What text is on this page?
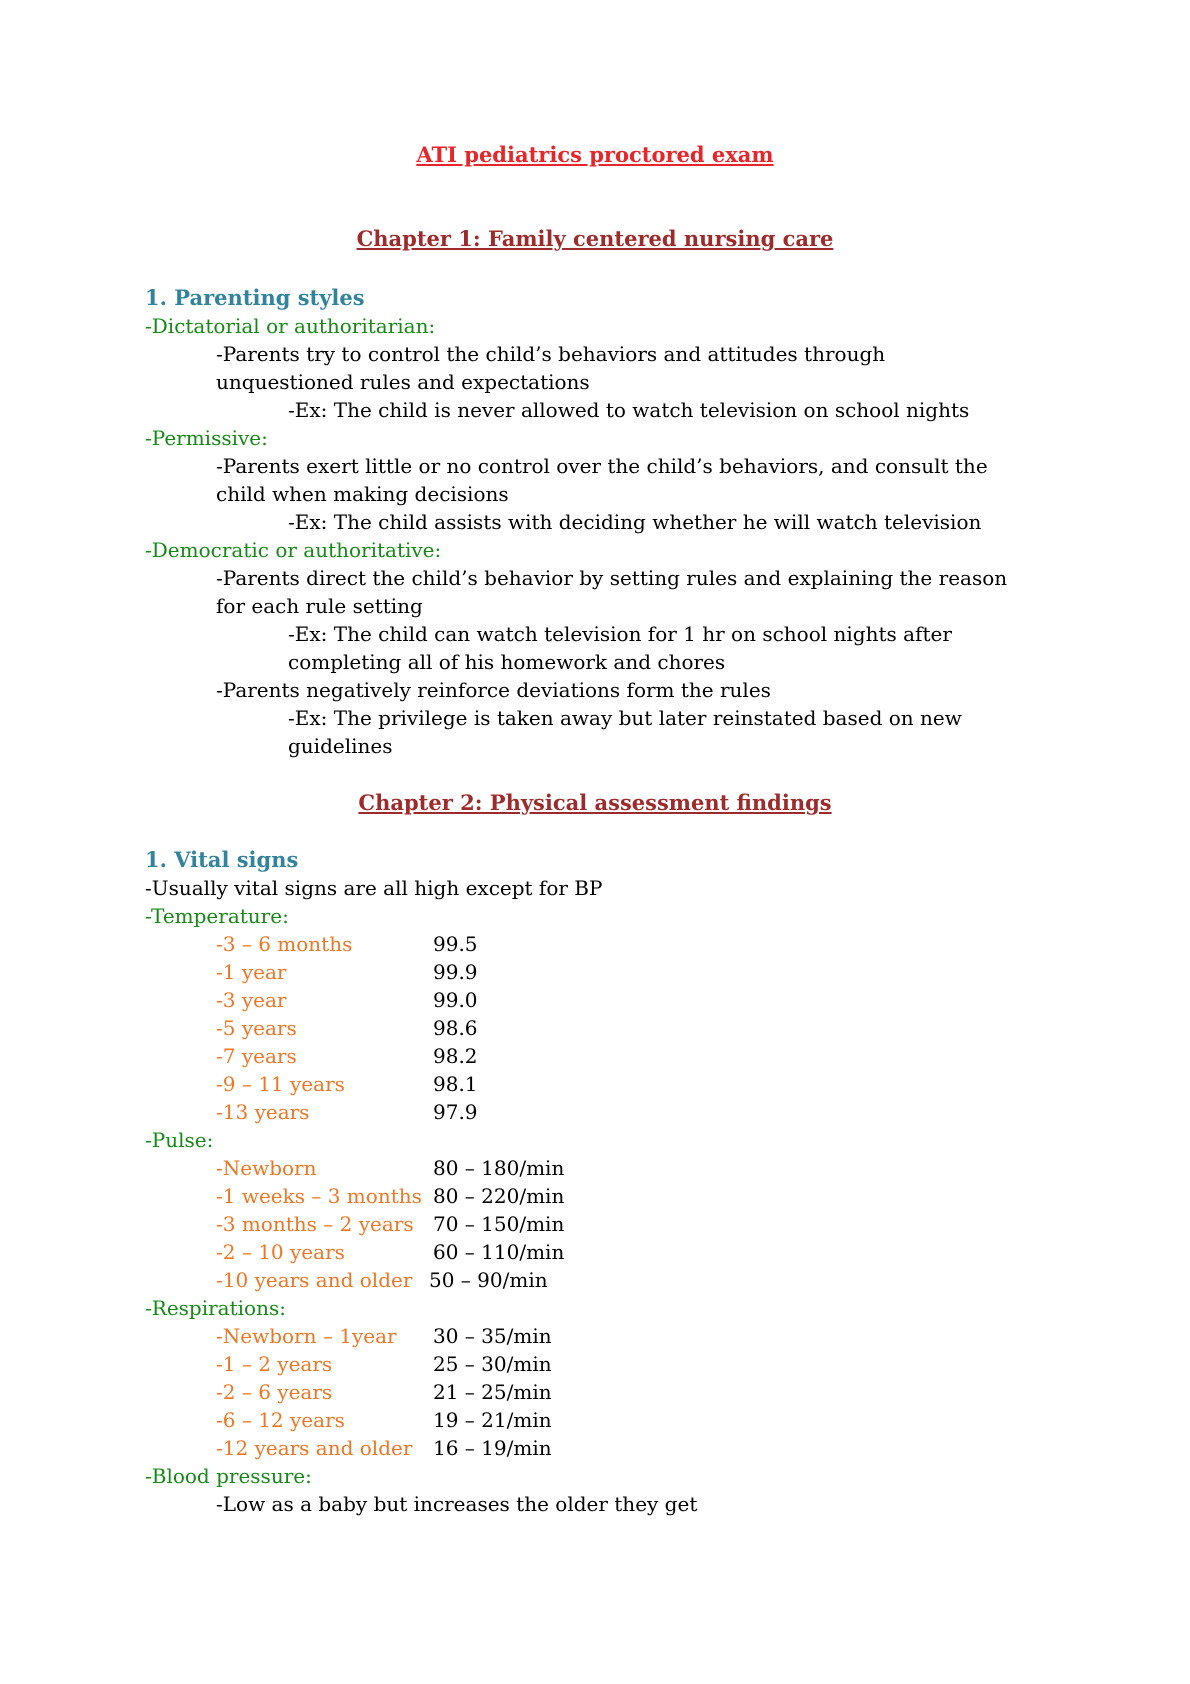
ATI pediatrics proctored exam
Chapter 1: Family centered nursing care
1. Parenting styles
-Dictatorial or authoritarian:
-Parents try to control the child’s behaviors and attitudes through
unquestioned rules and expectations
-Ex: The child is never allowed to watch television on school nights
-Permissive:
-Parents exert little or no control over the child’s behaviors, and consult the
child when making decisions
-Ex: The child assists with deciding whether he will watch television
-Democratic or authoritative:
-Parents direct the child’s behavior by setting rules and explaining the reason
for each rule setting
-Ex: The child can watch television for 1 hr on school nights after
completing all of his homework and chores
-Parents negatively reinforce deviations form the rules
-Ex: The privilege is taken away but later reinstated based on new
guidelines
Chapter 2: Physical assessment findings
1. Vital signs
-Usually vital signs are all high except for BP
-Temperature:
-3 – 6 months	99.5
-1 year	99.9
-3 year	99.0
-5 years	98.6
-7 years	98.2
-9 – 11 years	98.1
-13 years	97.9
-Pulse:
-Newborn	80 – 180/min
-1 weeks – 3 months 80 – 220/min
-3 months – 2 years 70 – 150/min
-2 – 10 years	60 – 110/min
-10 years and older 50 – 90/min
-Respirations:
-Newborn – 1year 30 – 35/min
-1 – 2 years	25 – 30/min
-2 – 6 years	21 – 25/min
-6 – 12 years	19 – 21/min
-12 years and older 16 – 19/min
-Blood pressure:
-Low as a baby but increases the older they get
